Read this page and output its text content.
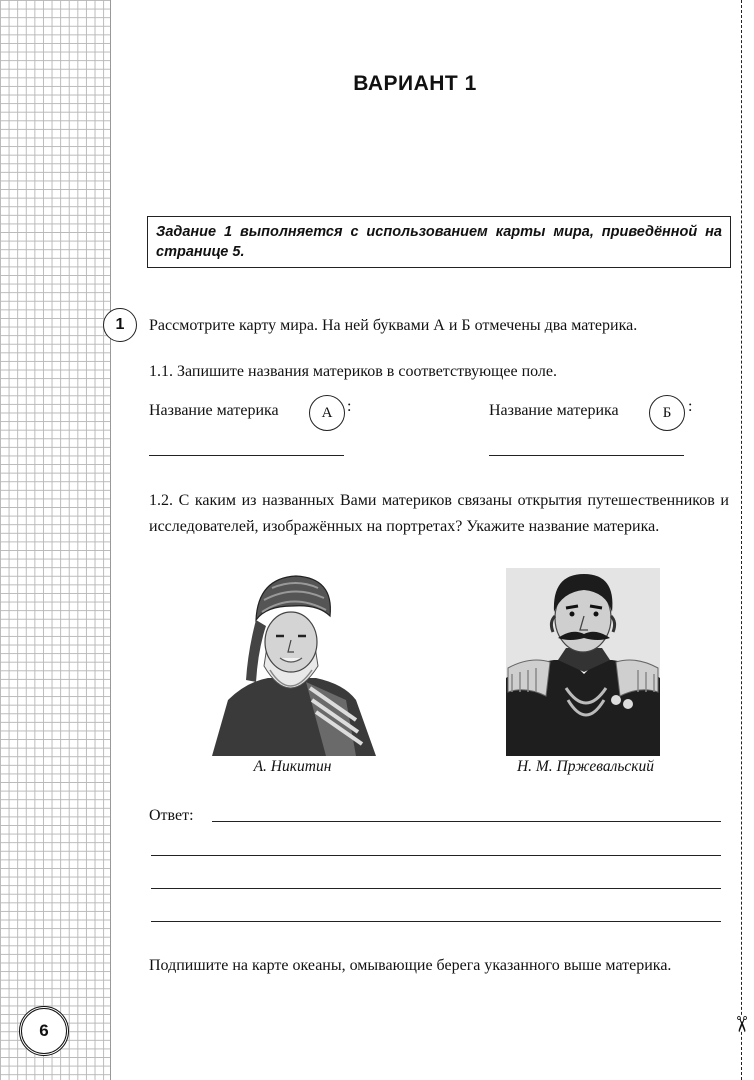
✂
ВАРИАНТ 1
Задание 1 выполняется с использованием карты мира, приведённой на странице 5.
1	Рассмотрите карту мира. На ней буквами А и Б отмечены два материка.
1.1. Запишите названия материков в соответствующее поле.
Название материка	А :	Название материка	Б	:
1.2. С каким из названных Вами материков связаны открытия путешественников и исследователей, изображённых на портретах? Укажите название материка.
А. Никитин	Н. М. Пржевальский
Ответ:
Подпишите на карте океаны, омывающие берега указанного выше материка.
6
